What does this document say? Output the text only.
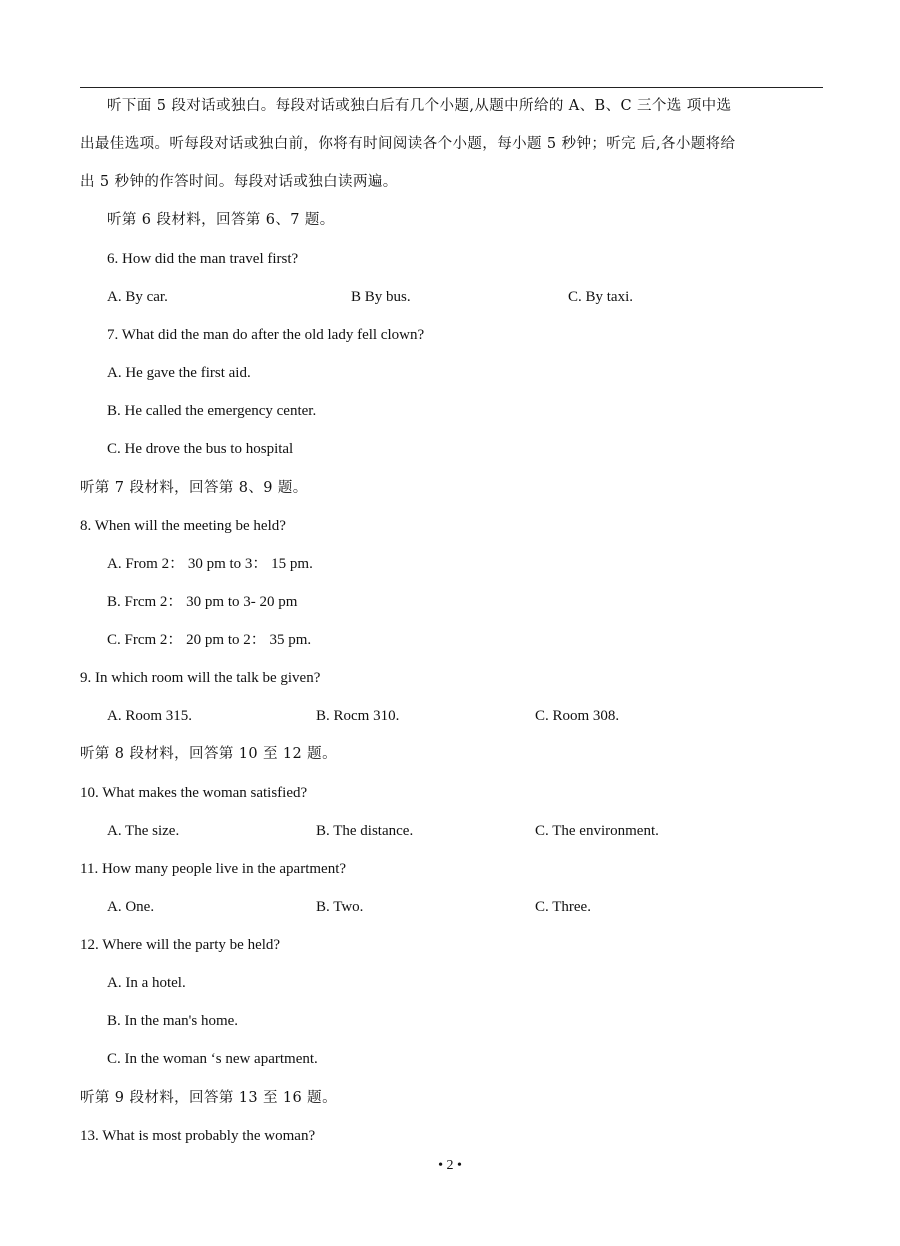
听下面 5 段对话或独白。每段对话或独白后有几个小题,从题中所给的 A、B、C 三个选 项中选
出最佳选项。听每段对话或独白前，你将有时间阅读各个小题，每小题 5 秒钟；听完 后,各小题将给
出 5 秒钟的作答时间。每段对话或独白读两遍。
听第 6 段材料，回答第 6、7 题。
6. How did the man travel first?
A. By car.	B By bus.	C. By taxi.
7. What did the man do after the old lady fell clown?
A. He gave the first aid.
B. He called the emergency center.
C. He drove the bus to hospital
听第 7 段材料，回答第 8、9 题。
8. When will the meeting be held?
A. From 2： 30 pm to 3： 15 pm.
B. Frcm 2： 30 pm to 3- 20 pm
C. Frcm 2： 20 pm to 2： 35 pm.
9. In which room will the talk be given?
A. Room 315.	B. Rocm 310.	C. Room 308.
听第 8 段材料，回答第 10 至 12 题。
10. What makes the woman satisfied?
A. The size.	B. The distance.	C. The environment.
11. How many people live in the apartment?
A. One.	B. Two.	C. Three.
12. Where will the party be held?
A. In a hotel.
B. In the man's home.
C. In the woman ‘s new apartment.
听第 9 段材料，回答第 13 至 16 题。
13. What is most probably the woman?
• 2 •
